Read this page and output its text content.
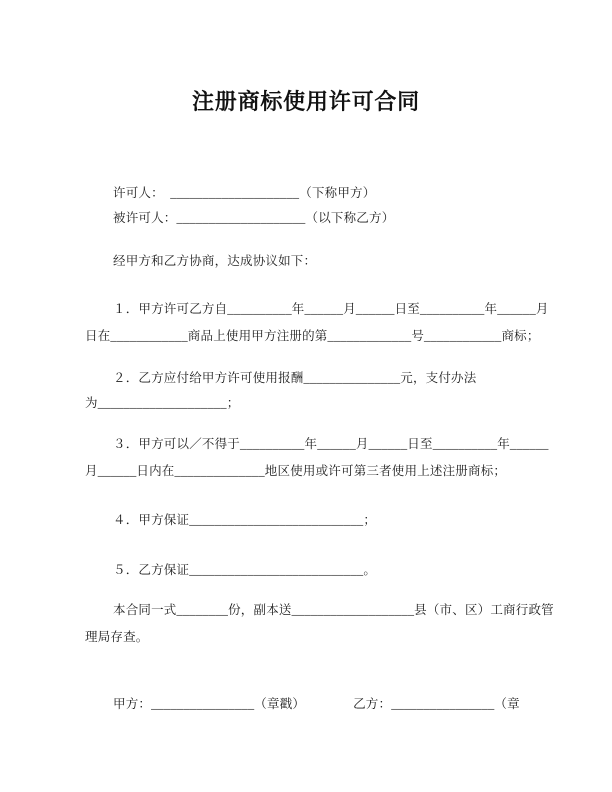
注册商标使用许可合同
许可人：　____________________（下称甲方）
被许可人：____________________（以下称乙方）
经甲方和乙方协商，达成协议如下：
１．甲方许可乙方自__________年______月______日至__________年______月
日在____________商品上使用甲方注册的第_____________号____________商标；
２．乙方应付给甲方许可使用报酬_______________元，支付办法
为____________________；
３．甲方可以／不得于__________年______月______日至__________年______
月______日内在______________地区使用或许可第三者使用上述注册商标；
４．甲方保证___________________________；
５．乙方保证___________________________。
本合同一式________份，副本送___________________县（市、区）工商行政管
理局存查。
甲方：________________（章戳）	乙方：________________（章
